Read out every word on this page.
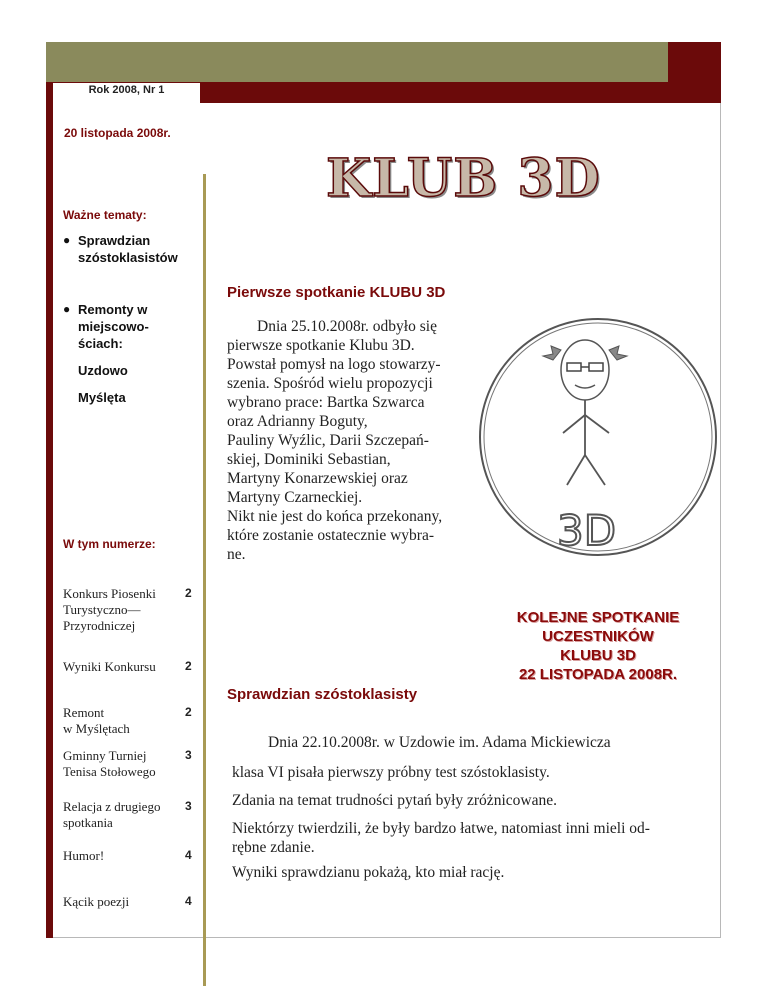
Rok 2008, Nr 1
20 listopada 2008r.
Ważne tematy:
● Sprawdzian
szóstoklasistów
● Remonty w
miejscowo-
ściach:
Uzdowo
Myślęta
W tym numerze:
Konkurs Piosenki
Turystyczno—
Przyrodniczej
2
Wyniki Konkursu	2
Remont
w Myślętach
2
Gminny Turniej
Tenisa Stołowego
3
Relacja z drugiego
spotkania
3
Humor!	4
Kącik poezji	4
KLUB 3D
Pierwsze spotkanie KLUBU 3D
Dnia 25.10.2008r. odbyło się
pierwsze spotkanie Klubu 3D.
Powstał pomysł na logo stowarzy-
szenia. Spośród wielu propozycji
wybrano prace: Bartka Szwarca
oraz Adrianny Boguty,
Pauliny Wyźlic, Darii Szczepań-
skiej, Dominiki Sebastian,
Martyny Konarzewskiej oraz
Martyny Czarneckiej.
Nikt nie jest do końca przekonany,
które zostanie ostatecznie wybra-
ne.	3D
KOLEJNE SPOTKANIE
UCZESTNIKÓW
KLUBU 3D
22 LISTOPADA 2008R.
Sprawdzian szóstoklasisty
Dnia 22.10.2008r. w Uzdowie im. Adama Mickiewicza
klasa VI pisała pierwszy próbny test szóstoklasisty.
Zdania na temat trudności pytań były zróżnicowane.
Niektórzy twierdzili, że były bardzo łatwe, natomiast inni mieli od-
rębne zdanie.
Wyniki sprawdzianu pokażą, kto miał rację.
